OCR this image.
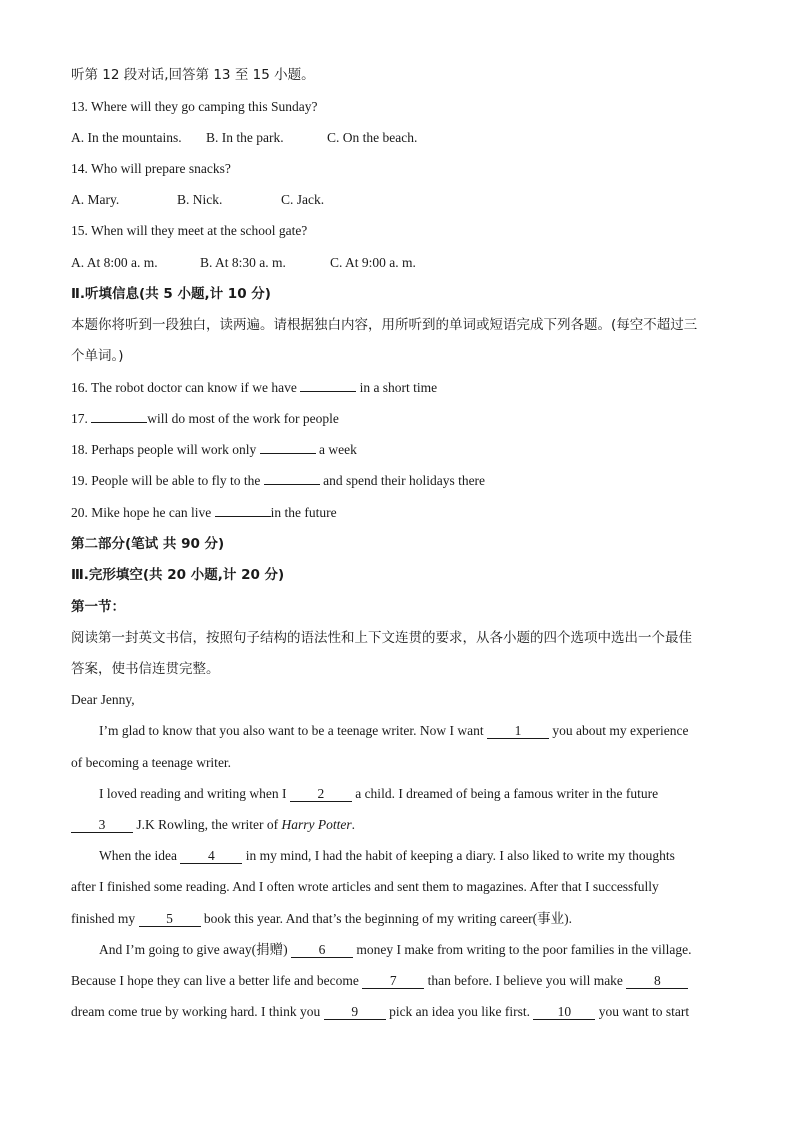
听第 12 段对话,回答第 13 至 15 小题。
13. Where will they go camping this Sunday?
A. In the mountains. B. In the park.	C. On the beach.
14. Who will prepare snacks?
A. Mary.	B. Nick.	C. Jack.
15. When will they meet at the school gate?
A. At 8:00 a. m.	B. At 8:30 a. m.	C. At 9:00 a. m.
Ⅱ.听填信息(共 5 小题,计 10 分)
本题你将听到一段独白，读两遍。请根据独白内容，用所听到的单词或短语完成下列各题。(每空不超过三
个单词。)
16. The robot doctor can know if we have	in a short time
17.	will do most of the work for people
18. Perhaps people will work only	a week
19. People will be able to fly to the	and spend their holidays there
20. Mike hope he can live	in the future
第二部分(笔试 共 90 分)
Ⅲ.完形填空(共 20 小题,计 20 分)
第一节：
阅读第一封英文书信，按照句子结构的语法性和上下文连贯的要求，从各小题的四个选项中选出一个最佳
答案，使书信连贯完整。
Dear Jenny,
I’m glad to know that you also want to be a teenage writer. Now I want 1 you about my experience
of becoming a teenage writer.
I loved reading and writing when I 2 a child. I dreamed of being a famous writer in the future
3 J.K Rowling, the writer of Harry Potter.
When the idea 4 in my mind, I had the habit of keeping a diary. I also liked to write my thoughts
after I finished some reading. And I often wrote articles and sent them to magazines. After that I successfully
finished my 5 book this year. And that’s the beginning of my writing career(事业).
And I’m going to give away(捐赠) 6 money I make from writing to the poor families in the village.
Because I hope they can live a better life and become 7 than before. I believe you will make 8
dream come true by working hard. I think you 9 pick an idea you like first. 10 you want to start
